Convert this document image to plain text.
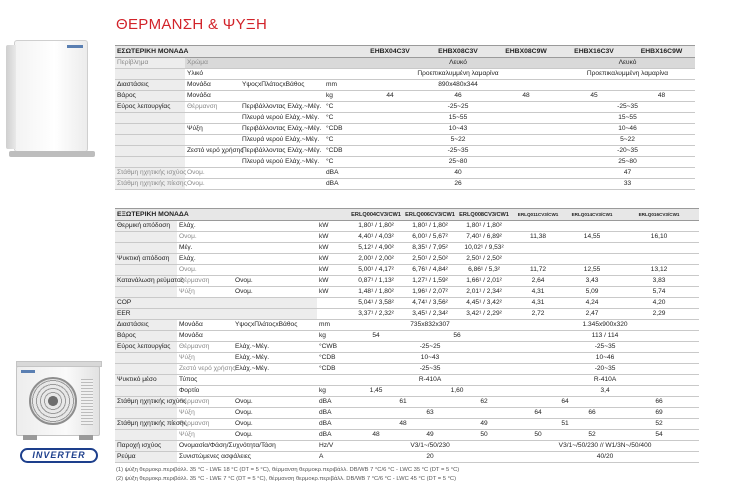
ΘΕΡΜΑΝΣΗ & ΨΥΞΗ
INVERTER
ΕΣΩΤΕΡΙΚΗ ΜΟΝΑΔΑ				EHBX04C3V	EHBX08C3V	EHBX08C9W	EHBX16C3V	EHBX16C9W
Περίβλημα	Χρώμα			Λευκό			Λευκό	
	Υλικό			Προεπικαλυμμένη λαμαρίνα			Προεπικαλυμμένη λαμαρίνα	
Διαστάσεις	Μονάδα	ΥψοςxΠλάτοςxΒάθος	mm	890x480x344				
Βάρος	Μονάδα		kg	44	46	48	45	48
Εύρος λειτουργίας	Θέρμανση	Περιβάλλοντας Ελάχ.~Μέγ.	°C	-25~25			-25~35	
		Πλευρά νερού Ελάχ.~Μέγ.	°C	15~55			15~55	
	Ψύξη	Περιβάλλοντας Ελάχ.~Μέγ.	°CDB	10~43			10~46	
		Πλευρά νερού Ελάχ.~Μέγ.	°C	5~22			5~22	
	Ζεστό νερό χρήσης	Περιβάλλοντας Ελάχ.~Μέγ.	°CDB	-25~35			-20~35	
		Πλευρά νερού Ελάχ.~Μέγ.	°C	25~80			25~80	
Στάθμη ηχητικής ισχύος	Ονομ.		dBA	40			47	
Στάθμη ηχητικής πίεσης	Ονομ.		dBA	26			33	
ΕΞΩΤΕΡΙΚΗ ΜΟΝΑΔΑ				ERLQ004CV3/CW1	ERLQ006CV3/CW1	ERLQ008CV3/CW1	ERLQ011CV3/CW1	ERLQ014CV3/CW1	ERLQ016CV3/CW1
Θερμική απόδοση	Ελάχ.		kW	1,80¹ / 1,80²	1,80¹ / 1,80²	1,80¹ / 1,80²			
	Ονομ.		kW	4,40¹ / 4,03²	6,00¹ / 5,67²	7,40¹ / 6,89²	11,38	14,55	16,10
	Μέγ.		kW	5,12¹ / 4,90²	8,35¹ / 7,95²	10,02¹ / 9,53²			
Ψυκτική απόδοση	Ελάχ.		kW	2,00¹ / 2,00²	2,50¹ / 2,50²	2,50¹ / 2,50²			
	Ονομ.		kW	5,00¹ / 4,17²	6,76¹ / 4,84²	6,86¹ / 5,3²	11,72	12,55	13,12
Κατανάλωση ρεύματος	Θέρμανση	Ονομ.	kW	0,87¹ / 1,13²	1,27¹ / 1,59²	1,66¹ / 2,01²	2,64	3,43	3,83
	Ψύξη	Ονομ.	kW	1,48¹ / 1,80²	1,96¹ / 2,07²	2,01¹ / 2,34²	4,31	5,09	5,74
COP				5,04¹ / 3,58²	4,74¹ / 3,56²	4,45¹ / 3,42²	4,31	4,24	4,20
EER				3,37¹ / 2,32²	3,45¹ / 2,34²	3,42¹ / 2,29²	2,72	2,47	2,29
Διαστάσεις	Μονάδα	ΥψοςxΠλάτοςxΒάθος	mm	735x832x307			1.345x900x320		
Βάρος	Μονάδα		kg	54	56		113 / 114		
Εύρος λειτουργίας	Θέρμανση	Ελάχ.~Μέγ.	°CWB	-25~25			-25~35		
	Ψύξη	Ελάχ.~Μέγ.	°CDB	10~43			10~46		
	Ζεστό νερό χρήσης	Ελάχ.~Μέγ.	°CDB	-25~35			-20~35		
Ψυκτικό μέσο	Τύπος			R-410A			R-410A		
	Φορτίο		kg	1,45	1,60		3,4		
Στάθμη ηχητικής ισχύος	Θέρμανση	Ονομ.	dBA	61		62	64		66
	Ψύξη	Ονομ.	dBA	63			64	66	69
Στάθμη ηχητικής πίεσης	Θέρμανση	Ονομ.	dBA	48		49	51		52
	Ψύξη	Ονομ.	dBA	48	49	50	50	52	54
Παροχή ισχύος	Ονομασία/Φάση/Συχνότητα/Τάση		Hz/V	V3/1~/50/230			V3/1~/50/230 // W1/3N~/50/400		
Ρεύμα	Συνιστώμενες ασφάλειες		A	20			40/20		
(1) ψύξη θερμοκρ.περιβάλλ. 35 °C - LWE 18 °C (DT = 5 °C), θέρμανση θερμοκρ.περιβάλλ. DB/WB 7 °C/6 °C - LWC 35 °C (DT = 5 °C)
(2) ψύξη θερμοκρ.περιβάλλ. 35 °C - LWE 7 °C (DT = 5 °C), θέρμανση θερμοκρ.περιβάλλ. DB/WB 7 °C/6 °C - LWC 45 °C (DT = 5 °C)
